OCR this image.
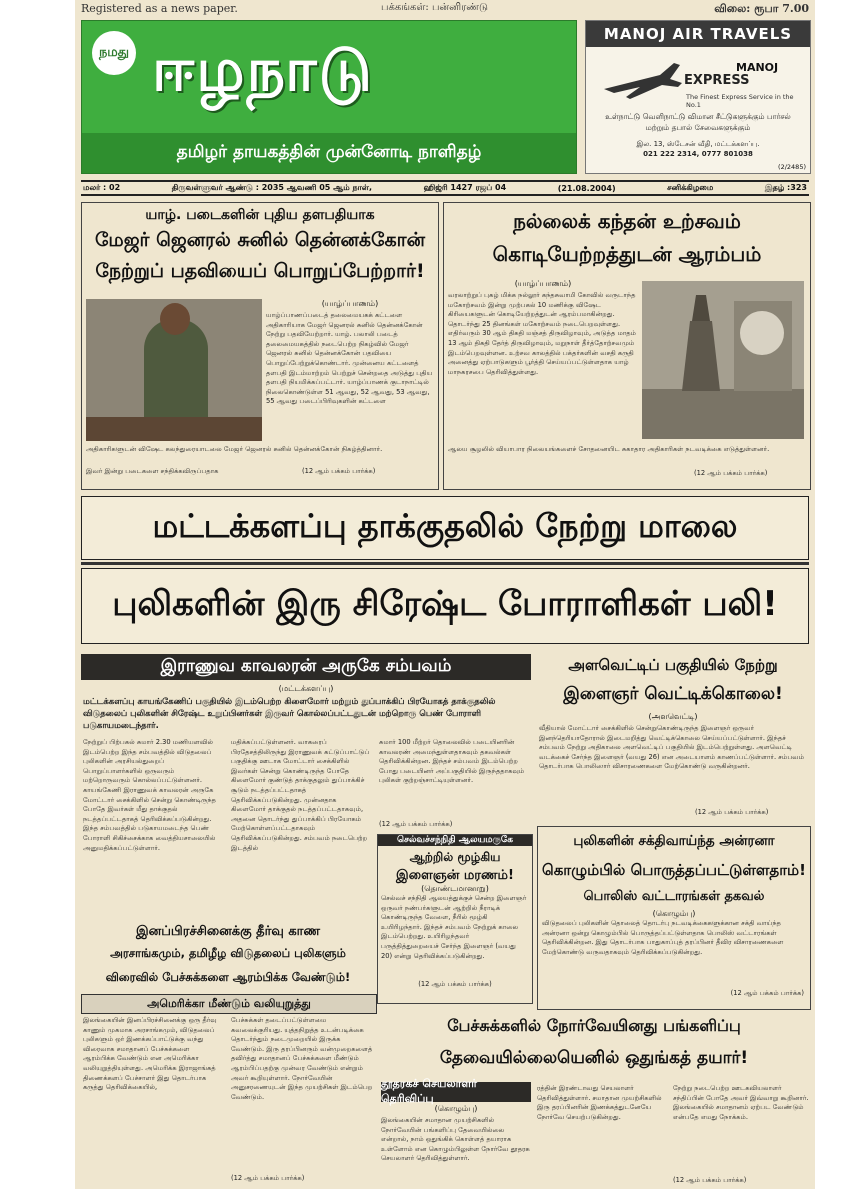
Registered as a news paper.	பக்கங்கள்: பன்னிரண்டு	விலை: ரூபா 7.00
நமது ஈழநாடு
தமிழர் தாயகத்தின் முன்னோடி நாளிதழ்
MANOJ AIR TRAVELS
MANOJ
EXPRESS
The Finest Express Service in the No.1
உள்நாட்டு வெளிநாட்டு விமான சீட்டுகளுக்கும் பார்சல் மற்றும் தபால் சேவைகளுக்கும்
இல. 13, ஸ்டேசன் வீதி, மட்டக்களப்பு.
021 222 2314, 0777 801038
(2/2485)
மலர் : 02	திருவள்ளுவர் ஆண்டு : 2035 ஆவணி 05 ஆம் நாள்,	ஹிஜ்ரி 1427 ரஜப் 04	(21.08.2004)	சனிக்கிழமை	இதழ் :323
யாழ். படைகளின் புதிய தளபதியாக
மேஜர் ஜெனரல் சுனில் தென்னக்கோன்
நேற்றுப் பதவியைப் பொறுப்பேற்றார்!
(யாழ்ப்பாணம்)
யாழ்ப்பாணப்படைத் தலைமையகக் கட்டளை அதிகாரியாக மேஜர் ஜெனரல் சுனில் தென்னக்கோன் நேற்று பதவியேற்றார். யாழ். பலாலி படைத் தலைமையகத்தில் நடைபெற்ற நிகழ்வில் மேஜர் ஜெனரல் சுனில் தென்னக்கோன் பதவியை பொறுப்பேற்றுக்கொண்டார். முன்னைய கட்டளைத் தளபதி இடம்மாற்றம் பெற்றுச் சென்றதை அடுத்து புதிய தளபதி நியமிக்கப்பட்டார். யாழ்ப்பாணக் குடாநாட்டில் நிலைகொண்டுள்ள 51 ஆவது, 52 ஆவது, 53 ஆவது, 55 ஆவது படைப்பிரிவுகளின் கட்டளை
அதிகாரிகளுடன் விஷேட கலந்துரையாடலை மேஜர் ஜெனரல் சுனில் தென்னக்கோன் நிகழ்த்தினார்.
இவர் இன்று படைகளை சந்திக்கவிருப்பதாக	(12 ஆம் பக்கம் பார்க்க)
நல்லைக் கந்தன் உற்சவம்
கொடியேற்றத்துடன் ஆரம்பம்
(யாழ்ப்பாணம்)
வரலாற்றுப் புகழ் மிக்க நல்லூர் கந்தசுவாமி கோவில் வருடாந்த மகோற்சவம் இன்று முற்பகல் 10 மணிக்கு விஷேட கிரியைகளுடன் கொடியேற்றத்துடன் ஆரம்பமாகின்றது. தொடர்ந்து 25 தினங்கள் மகோற்சவம் நடைபெறவுள்ளது. எதிர்வரும் 30 ஆம் திகதி மஞ்சத் திருவிழாவும், அடுத்த மாதம் 13 ஆம் திகதி தேர்த் திருவிழாவும், மறுநாள் தீர்த்தோற்சவமும் இடம்பெறவுள்ளன. உற்சவ காலத்தில் பக்தர்களின் வசதி கருதி அனைத்து ஏற்பாடுகளும் பூர்த்தி செய்யப்பட்டுள்ளதாக யாழ் மாநகரசபை தெரிவித்துள்ளது.
ஆலய சூழலில் வியாபார நிலையங்களைச் சோதனையிட சுகாதார அதிகாரிகள் நடவடிக்கை எடுத்துள்ளனர்.
(12 ஆம் பக்கம் பார்க்க)
மட்டக்களப்பு தாக்குதலில் நேற்று மாலை
புலிகளின் இரு சிரேஷ்ட போராளிகள் பலி!
இராணுவ காவலரன் அருகே சம்பவம்
(மட்டக்களப்பு)
மட்டக்களப்பு காயங்கேணிப் பகுதியில் இடம்பெற்ற கிளைமோர் மற்றும் துப்பாக்கிப் பிரயோகத் தாக்குதலில் விடுதலைப் புலிகளின் சிரேஷ்ட உறுப்பினர்கள் இருவர் கொல்லப்பட்டதுடன் மற்றொரு பெண் போராளி படுகாயமடைந்தார்.
நேற்றுப் பிற்பகல் சுமார் 2.30 மணியளவில் இடம்பெற்ற இந்த சம்பவத்தில் விடுதலைப் புலிகளின் அரசியல்துறைப் பொறுப்பாளர்களில் ஒருவரும் மற்றொருவரும் கொல்லப்பட்டுள்ளனர். காயங்கேணி இராணுவக் காவலரன் அருகே மோட்டார் சைக்கிளில் சென்று கொண்டிருந்த போதே இவர்கள் மீது தாக்குதல் நடத்தப்பட்டதாகத் தெரிவிக்கப்படுகின்றது. இந்த சம்பவத்தில் படுகாயமடைந்த பெண் போராளி சிகிச்சைக்காக வைத்தியசாலையில் அனுமதிக்கப்பட்டுள்ளார்.
மதிக்கப்பட்டுள்ளனர். வாகரைப் பிரதேசத்திலிருந்து இராணுவக் கட்டுப்பாட்டுப் பகுதிக்கு ஊடாக மோட்டார் சைக்கிளில் இவர்கள் சென்று கொண்டிருந்த போதே கிளைமோர் குண்டுத் தாக்குதலும் துப்பாக்கிச் சூடும் நடத்தப்பட்டதாகத் தெரிவிக்கப்படுகின்றது. முன்னதாக கிளைமோர் தாக்குதல் நடத்தப்பட்டதாகவும், அதனை தொடர்ந்து துப்பாக்கிப் பிரயோகம் மேற்கொள்ளப்பட்டதாகவும் தெரிவிக்கப்படுகின்றது. சம்பவம் நடைபெற்ற இடத்தில்
சுமார் 100 மீற்றர் தொலைவில் படையினரின் காவலரண் அமைந்துள்ளதாகவும் தகவல்கள் தெரிவிக்கின்றன. இந்தச் சம்பவம் இடம்பெற்ற போது படையினர் அப்பகுதியில் இருந்ததாகவும் புலிகள் குற்றஞ்சாட்டியுள்ளனர்.
(12 ஆம் பக்கம் பார்க்க)
செல்வச்சந்நிதி ஆலயமருகே
ஆற்றில் மூழ்கிய
இளைஞன் மரணம்!
(தொண்டமானாறு)
செல்வச் சந்நிதி ஆலயத்துக்குச் சென்ற இளைஞர் ஒருவர் நண்பர்களுடன் ஆற்றில் நீராடிக் கொண்டிருந்த வேளை, நீரில் மூழ்கி உயிரிழந்தார். இந்தச் சம்பவம் நேற்றுக் காலை இடம்பெற்றது. உயிரிழந்தவர் பருத்தித்துறையைச் சேர்ந்த இளைஞர் (வயது 20) என்று தெரிவிக்கப்படுகின்றது.
(12 ஆம் பக்கம் பார்க்க)
இனப்பிரச்சினைக்கு தீர்வு காண
அரசாங்கமும், தமிழீழ விடுதலைப் புலிகளும்
விரைவில் பேச்சுக்களை ஆரம்பிக்க வேண்டும்!
அமெரிக்கா மீண்டும் வலியுறுத்து
இலங்கையின் இனப்பிரச்சினைக்கு ஒரு தீர்வு காணும் முகமாக அரசாங்கமும், விடுதலைப் புலிகளும் ஒர் இணக்கப்பாட்டுக்கு வந்து விரைவாக சமாதானப் பேச்சுக்களை ஆரம்பிக்க வேண்டும் என அமெரிக்கா வலியுறுத்தியுள்ளது. அமெரிக்க இராஜாங்கத் திணைக்களப் பேச்சாளர் இது தொடர்பாக கருத்து தெரிவிக்கையில்,
பேச்சுக்கள் தடைப்பட்டுள்ளமை கவலைக்குரியது. யுத்தநிறுத்த உடன்படிக்கை தொடர்ந்தும் நடைமுறையில் இருக்க வேண்டும். இரு தரப்பினரும் வன்முறைகளைத் தவிர்த்து சமாதானப் பேச்சுக்களை மீண்டும் ஆரம்பிப்பதற்கு முன்வர வேண்டும் என்றும் அவர் கூறியுள்ளார். நோர்வேயின் அனுசரணையுடன் இந்த முயற்சிகள் இடம்பெற வேண்டும்.
(12 ஆம் பக்கம் பார்க்க)
அளவெட்டிப் பகுதியில் நேற்று
இளைஞர் வெட்டிக்கொலை!
(அளவெட்டி)
வீதியால் மோட்டார் சைக்கிளில் சென்றுகொண்டிருந்த இளைஞர் ஒருவர் இனந்தெரியாதோரால் இடைமறித்து வெட்டிக்கொலை செய்யப்பட்டுள்ளார். இந்தச் சம்பவம் நேற்று அதிகாலை அளவெட்டிப் பகுதியில் இடம்பெற்றுள்ளது. அளவெட்டி வடக்கைச் சேர்ந்த இளைஞர் (வயது 26) என அடையாளம் காணப்பட்டுள்ளார். சம்பவம் தொடர்பாக பொலிஸார் விசாரணைகளை மேற்கொண்டு வருகின்றனர்.
(12 ஆம் பக்கம் பார்க்க)
புலிகளின் சக்திவாய்ந்த அன்ரனா
கொழும்பில் பொருத்தப்பட்டுள்ளதாம்!
பொலிஸ் வட்டாரங்கள் தகவல்
(கொழும்பு)
விடுதலைப் புலிகளின் தொலைத் தொடர்பு நடவடிக்கைகளுக்கான சக்தி வாய்ந்த அன்ரனா ஒன்று கொழும்பில் பொருத்தப்பட்டுள்ளதாக பொலிஸ் வட்டாரங்கள் தெரிவிக்கின்றன. இது தொடர்பாக பாதுகாப்புத் தரப்பினர் தீவிர விசாரணைகளை மேற்கொண்டு வருவதாகவும் தெரிவிக்கப்படுகின்றது.
(12 ஆம் பக்கம் பார்க்க)
பேச்சுக்களில் நோர்வேயினது பங்களிப்பு
தேவையில்லையெனில் ஒதுங்கத் தயார்!
தூதரகச் செயலாளர் தெரிவிப்பு
(கொழும்பு)
இலங்கையின் சமாதான முயற்சிகளில் நோர்வேயின் பங்களிப்பு தேவையில்லை என்றால், நாம் ஒதுங்கிக் கொள்ளத் தயாராக உள்ளோம் என கொழும்பிலுள்ள நோர்வே தூதரக செயலாளர் தெரிவித்துள்ளார்.
ரத்தின் இரண்டாவது செயலாளர் தெரிவித்துள்ளார். சமாதான முயற்சிகளில் இரு தரப்பினரின் இணக்கத்துடனேயே நோர்வே செயற்படுகின்றது.
நேற்று நடைபெற்ற ஊடகவியலாளர் சந்திப்பின் போதே அவர் இவ்வாறு கூறினார். இலங்கையில் சமாதானம் ஏற்பட வேண்டும் என்பதே எமது நோக்கம்.
(12 ஆம் பக்கம் பார்க்க)
